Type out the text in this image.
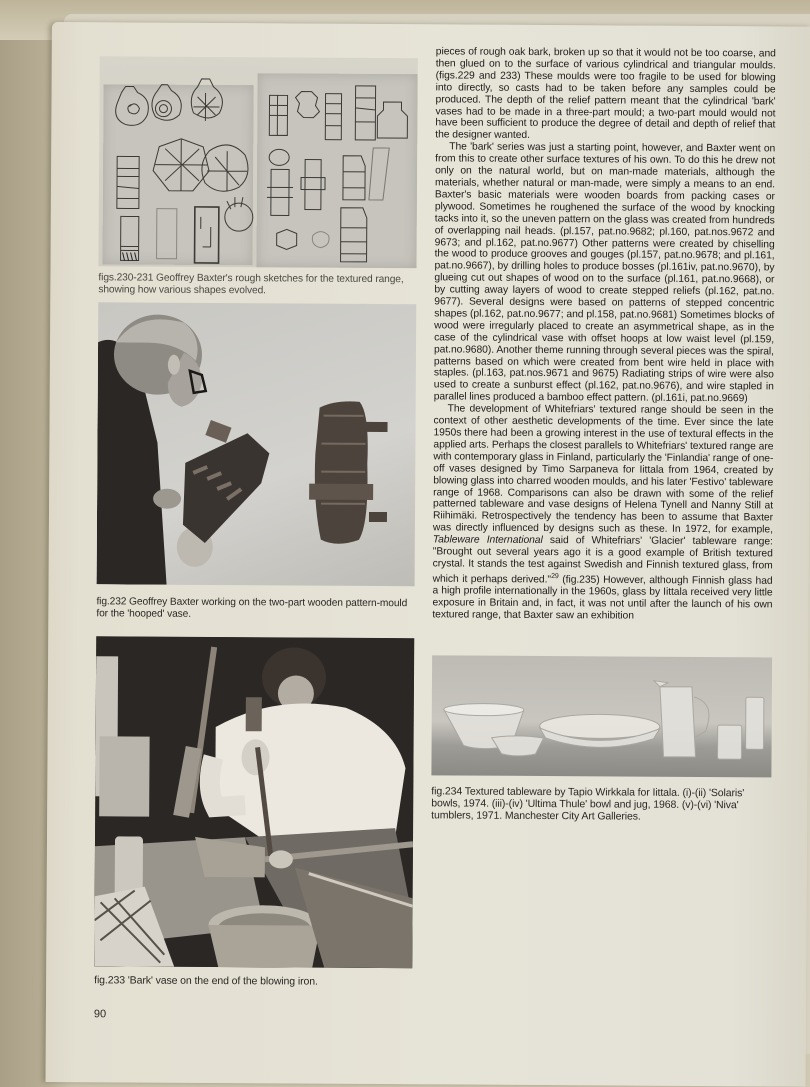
figs.230-231 Geoffrey Baxter's rough sketches for the textured range, showing how various shapes evolved.
fig.232 Geoffrey Baxter working on the two-part wooden pattern-mould for the 'hooped' vase.
fig.233 'Bark' vase on the end of the blowing iron.
90

pieces of rough oak bark, broken up so that it would not be too coarse, and then glued on to the surface of various cylindrical and triangular moulds. (figs.229 and 233) These moulds were too fragile to be used for blowing into directly, so casts had to be taken before any samples could be produced. The depth of the relief pattern meant that the cylindrical 'bark' vases had to be made in a three-part mould; a two-part mould would not have been sufficient to produce the degree of detail and depth of relief that the designer wanted.

The 'bark' series was just a starting point, however, and Baxter went on from this to create other surface textures of his own. To do this he drew not only on the natural world, but on man-made materials, although the materials, whether natural or man-made, were simply a means to an end. Baxter's basic materials were wooden boards from packing cases or plywood. Sometimes he roughened the surface of the wood by knocking tacks into it, so the uneven pattern on the glass was created from hundreds of overlapping nail heads. (pl.157, pat.no.9682; pl.160, pat.nos.9672 and 9673; and pl.162, pat.no.9677) Other patterns were created by chiselling the wood to produce grooves and gouges (pl.157, pat.no.9678; and pl.161, pat.no.9667), by drilling holes to produce bosses (pl.161iv, pat.no.9670), by glueing cut out shapes of wood on to the surface (pl.161, pat.no.9668), or by cutting away layers of wood to create stepped reliefs (pl.162, pat.no. 9677). Several designs were based on patterns of stepped concentric shapes (pl.162, pat.no.9677; and pl.158, pat.no.9681) Sometimes blocks of wood were irregularly placed to create an asymmetrical shape, as in the case of the cylindrical vase with offset hoops at low waist level (pl.159, pat.no.9680). Another theme running through several pieces was the spiral, patterns based on which were created from bent wire held in place with staples. (pl.163, pat.nos.9671 and 9675) Radiating strips of wire were also used to create a sunburst effect (pl.162, pat.no.9676), and wire stapled in parallel lines produced a bamboo effect pattern. (pl.161i, pat.no.9669)

The development of Whitefriars' textured range should be seen in the context of other aesthetic developments of the time. Ever since the late 1950s there had been a growing interest in the use of textural effects in the applied arts. Perhaps the closest parallels to Whitefriars' textured range are with contemporary glass in Finland, particularly the 'Finlandia' range of one-off vases designed by Timo Sarpaneva for Iittala from 1964, created by blowing glass into charred wooden moulds, and his later 'Festivo' tableware range of 1968. Comparisons can also be drawn with some of the relief patterned tableware and vase designs of Helena Tynell and Nanny Still at Riihimäki. Retrospectively the tendency has been to assume that Baxter was directly influenced by designs such as these. In 1972, for example, Tableware International said of Whitefriars' 'Glacier' tableware range: "Brought out several years ago it is a good example of British textured crystal. It stands the test against Swedish and Finnish textured glass, from which it perhaps derived."$^{29}$ (fig.235) However, although Finnish glass had a high profile internationally in the 1960s, glass by Iittala received very little exposure in Britain and, in fact, it was not until after the launch of his own textured range, that Baxter saw an exhibition

fig.234 Textured tableware by Tapio Wirkkala for Iittala. (i)-(ii) 'Solaris' bowls, 1974. (iii)-(iv) 'Ultima Thule' bowl and jug, 1968. (v)-(vi) 'Niva' tumblers, 1971. Manchester City Art Galleries.
